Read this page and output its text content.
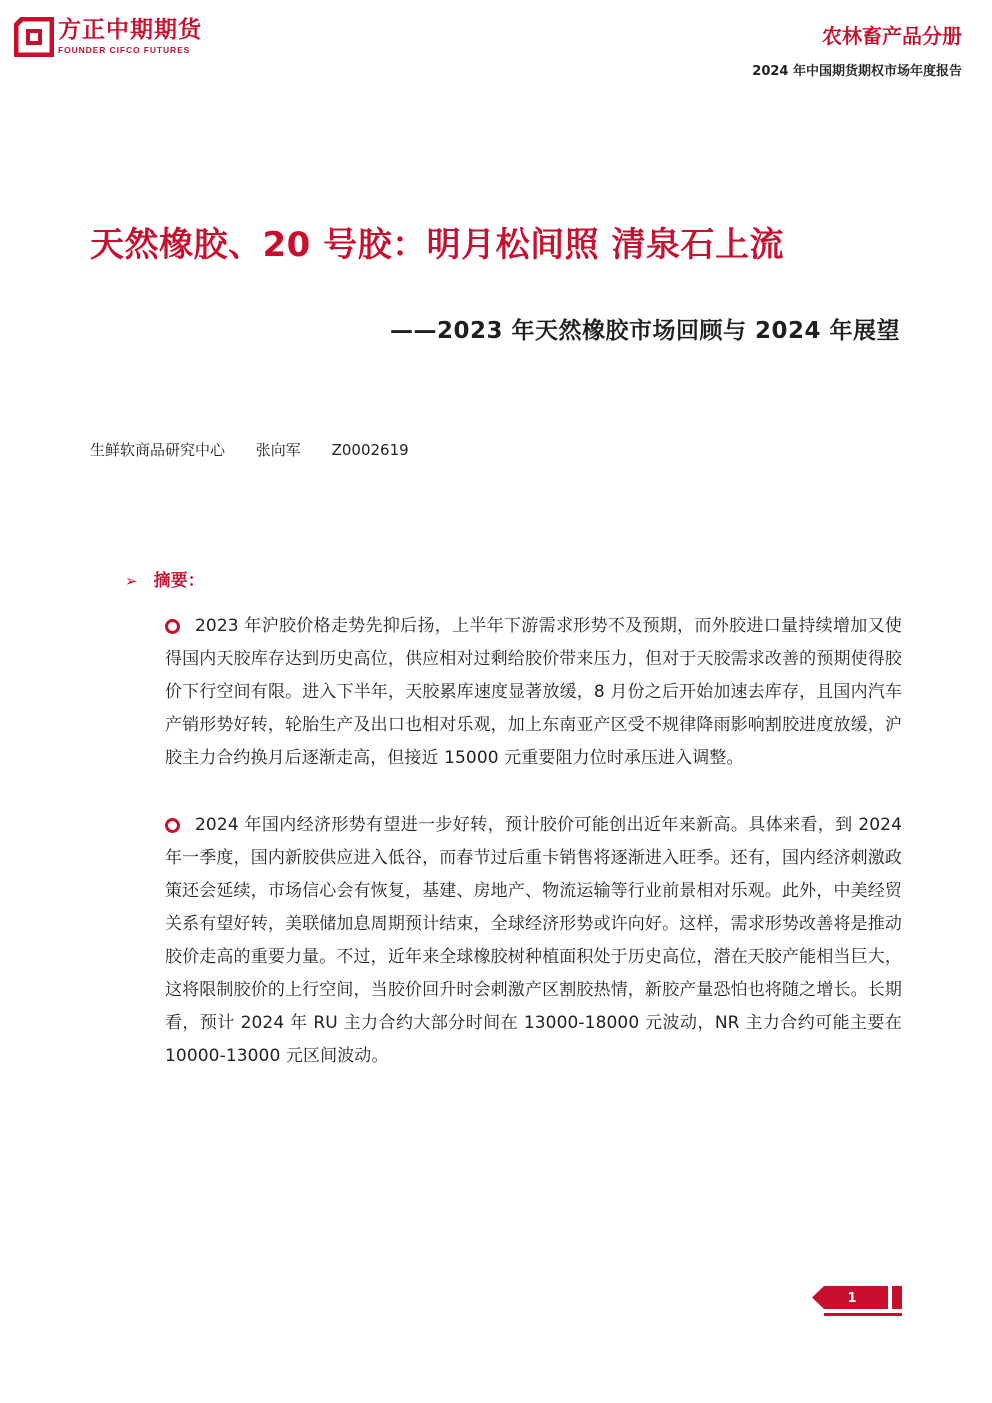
方正中期期货
FOUNDER CIFCO FUTURES
农林畜产品分册
2024 年中国期货期权市场年度报告
天然橡胶、20 号胶：明月松间照 清泉石上流
——2023 年天然橡胶市场回顾与 2024 年展望
生鲜软商品研究中心 张向军 Z0002619
➢ 摘要：
2023 年沪胶价格走势先抑后扬，上半年下游需求形势不及预期，而外胶进口量持续增加又使得国内天胶库存达到历史高位，供应相对过剩给胶价带来压力，但对于天胶需求改善的预期使得胶价下行空间有限。进入下半年，天胶累库速度显著放缓，8 月份之后开始加速去库存，且国内汽车产销形势好转，轮胎生产及出口也相对乐观，加上东南亚产区受不规律降雨影响割胶进度放缓，沪胶主力合约换月后逐渐走高，但接近 15000 元重要阻力位时承压进入调整。
2024 年国内经济形势有望进一步好转，预计胶价可能创出近年来新高。具体来看，到 2024 年一季度，国内新胶供应进入低谷，而春节过后重卡销售将逐渐进入旺季。还有，国内经济刺激政策还会延续，市场信心会有恢复，基建、房地产、物流运输等行业前景相对乐观。此外，中美经贸关系有望好转，美联储加息周期预计结束，全球经济形势或许向好。这样，需求形势改善将是推动胶价走高的重要力量。不过，近年来全球橡胶树种植面积处于历史高位，潜在天胶产能相当巨大，这将限制胶价的上行空间，当胶价回升时会刺激产区割胶热情，新胶产量恐怕也将随之增长。长期看，预计 2024 年 RU 主力合约大部分时间在 13000-18000 元波动，NR 主力合约可能主要在 10000-13000 元区间波动。
1
